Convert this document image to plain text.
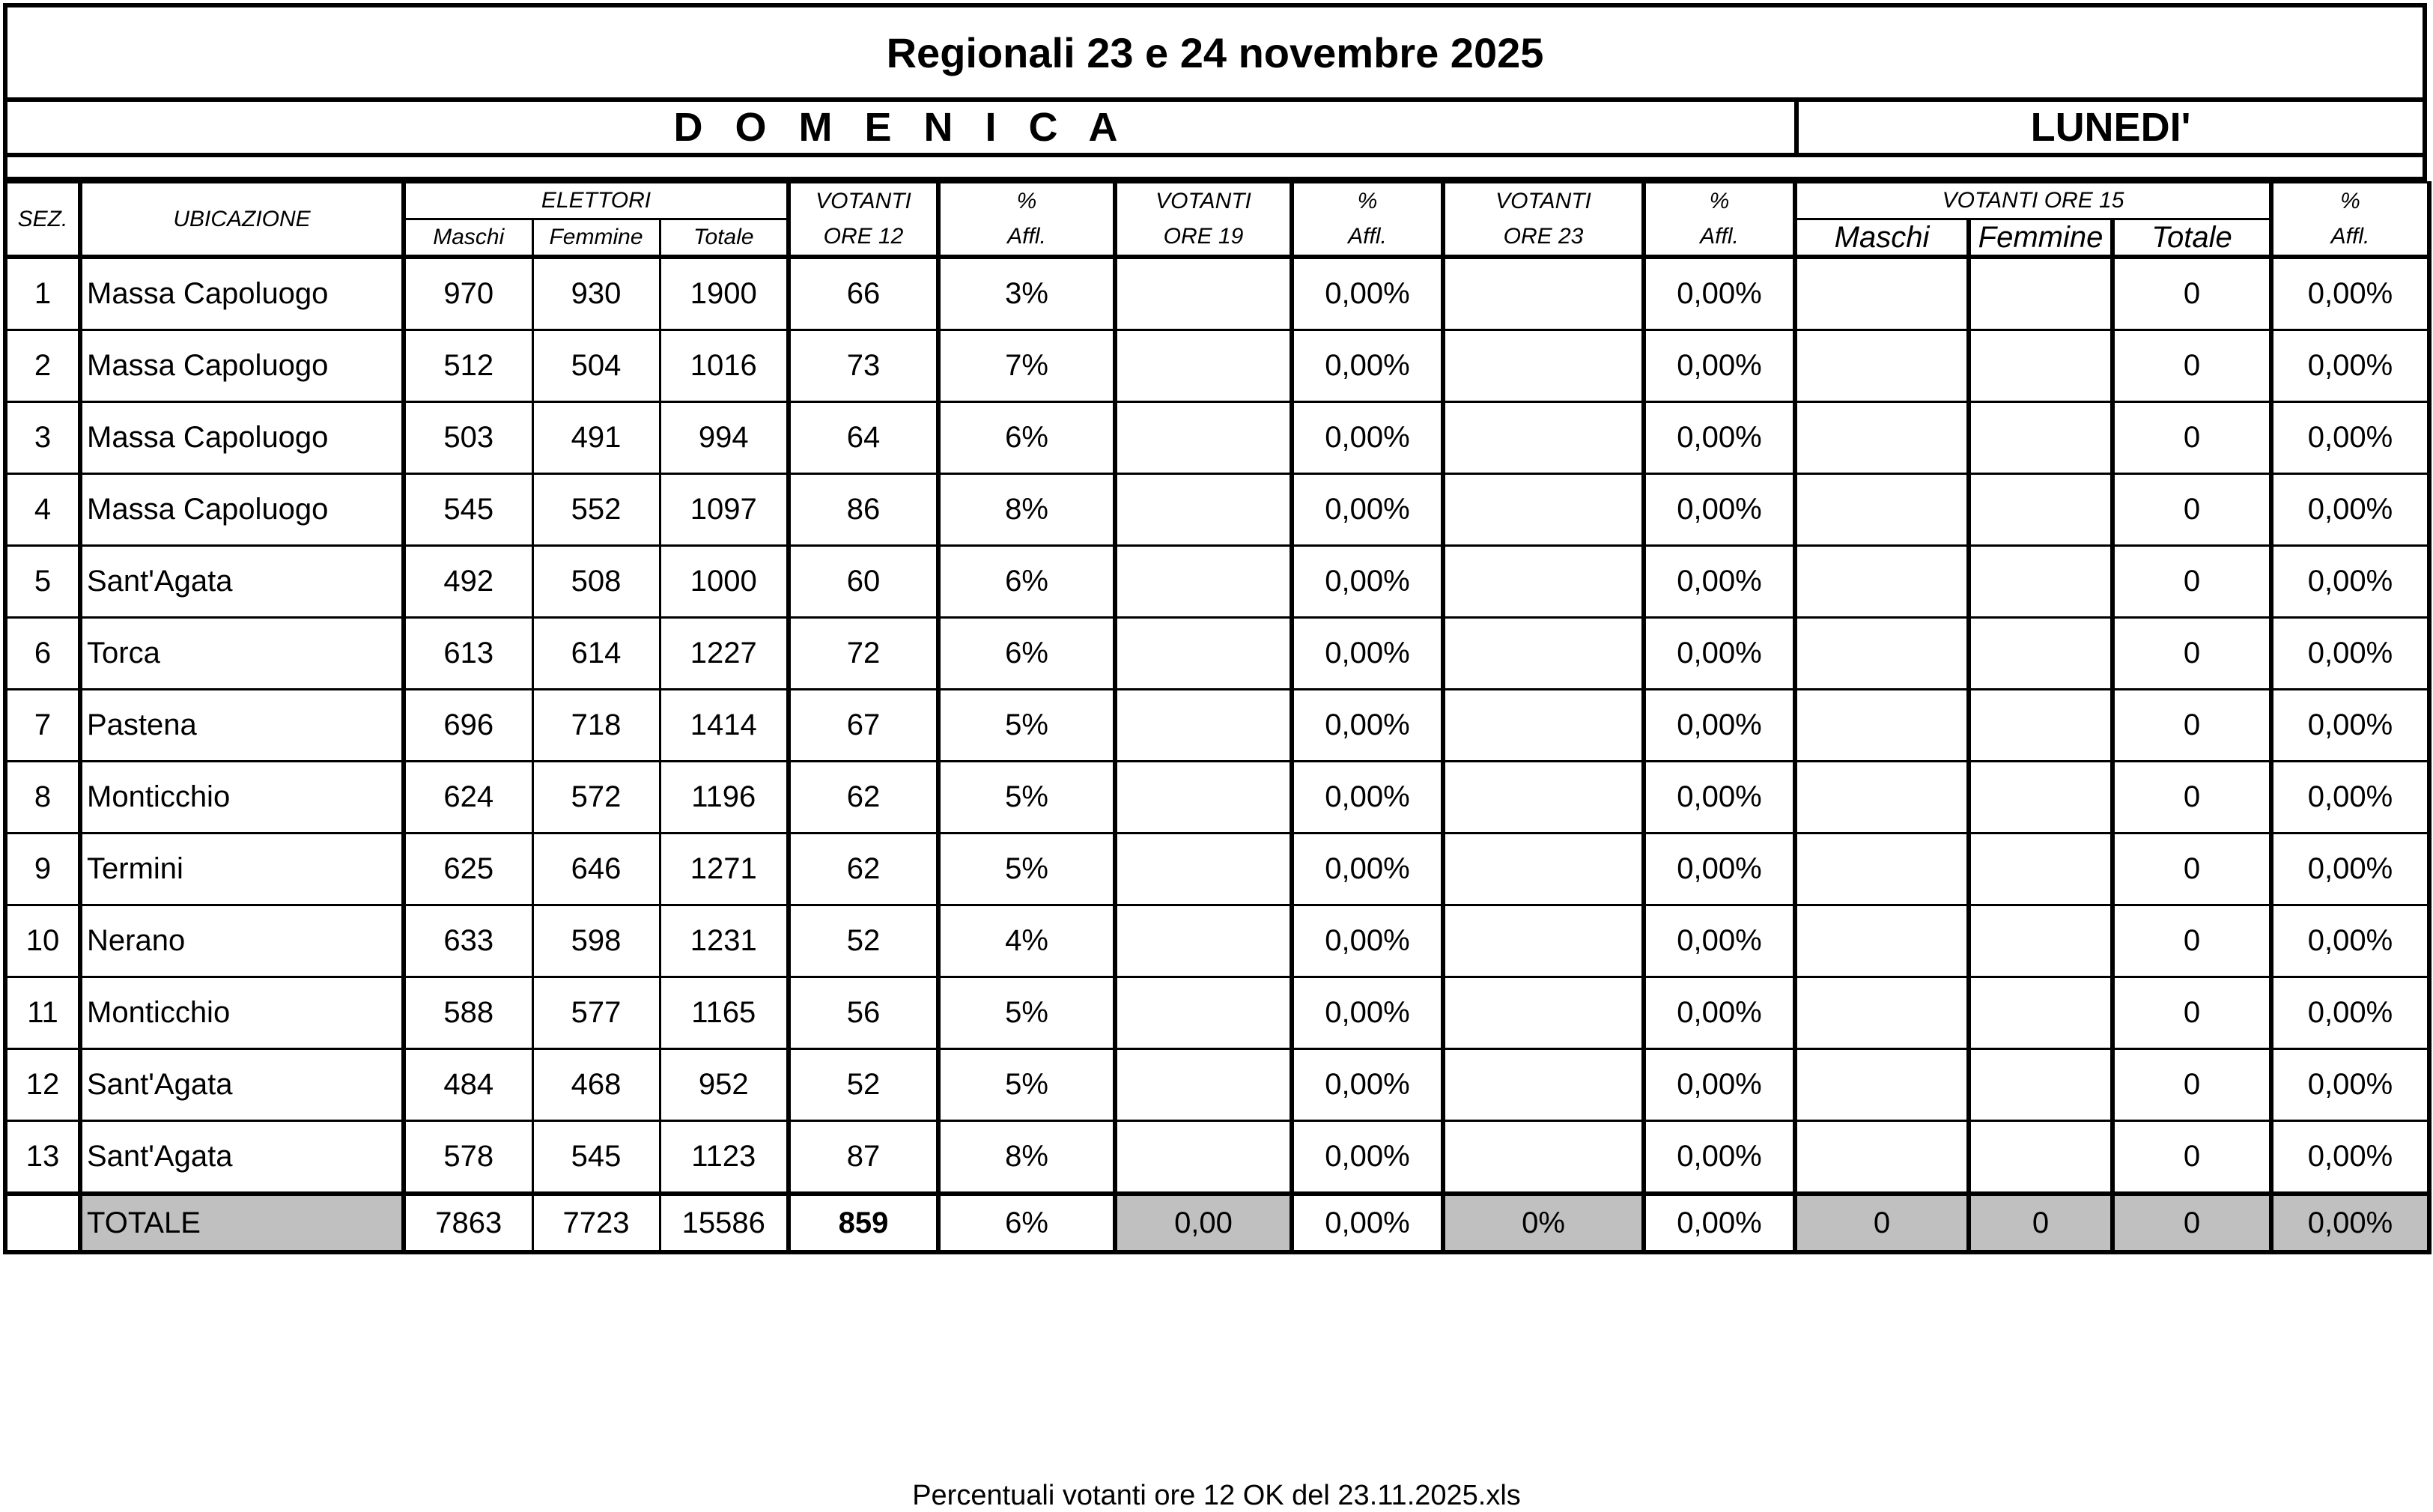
Regionali 23 e 24 novembre 2025
D O M E N I C A	LUNEDI'
SEZ.	UBICAZIONE	ELETTORI			VOTANTI	%	VOTANTI	%	VOTANTI	%	VOTANTI ORE 15			%
		Maschi	Femmine	Totale	ORE 12	Affl.	ORE 19	Affl.	ORE 23	Affl.	Maschi	Femmine	Totale	Affl.
1	Massa Capoluogo	970	930	1900	66	3%		0,00%		0,00%			0	0,00%
2	Massa Capoluogo	512	504	1016	73	7%		0,00%		0,00%			0	0,00%
3	Massa Capoluogo	503	491	994	64	6%		0,00%		0,00%			0	0,00%
4	Massa Capoluogo	545	552	1097	86	8%		0,00%		0,00%			0	0,00%
5	Sant'Agata	492	508	1000	60	6%		0,00%		0,00%			0	0,00%
6	Torca	613	614	1227	72	6%		0,00%		0,00%			0	0,00%
7	Pastena	696	718	1414	67	5%		0,00%		0,00%			0	0,00%
8	Monticchio	624	572	1196	62	5%		0,00%		0,00%			0	0,00%
9	Termini	625	646	1271	62	5%		0,00%		0,00%			0	0,00%
10	Nerano	633	598	1231	52	4%		0,00%		0,00%			0	0,00%
11	Monticchio	588	577	1165	56	5%		0,00%		0,00%			0	0,00%
12	Sant'Agata	484	468	952	52	5%		0,00%		0,00%			0	0,00%
13	Sant'Agata	578	545	1123	87	8%		0,00%		0,00%			0	0,00%
	TOTALE	7863	7723	15586	859	6%	0,00	0,00%	0%	0,00%	0	0	0	0,00%
Percentuali votanti ore 12 OK del 23.11.2025.xls
